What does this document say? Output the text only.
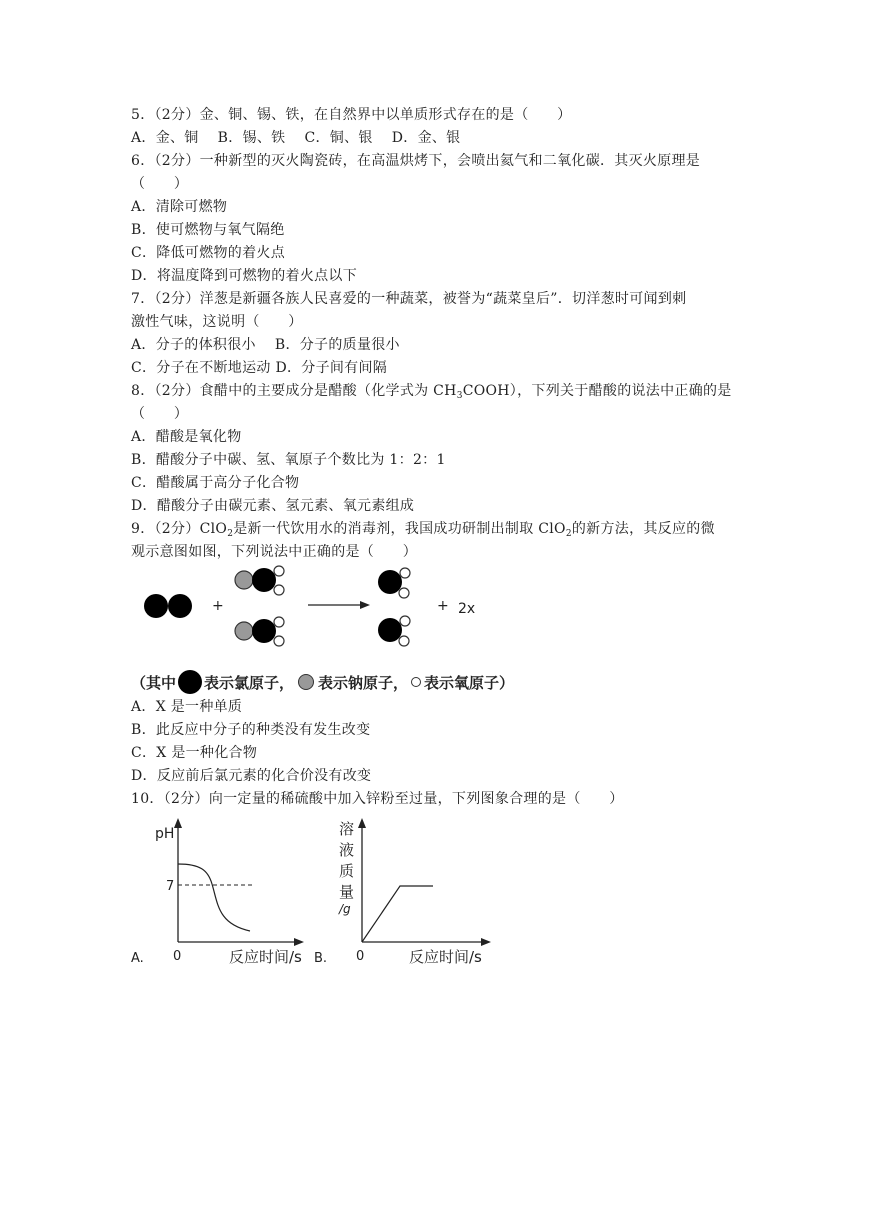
5．（2分）金、铜、锡、铁，在自然界中以单质形式存在的是（　　）
A．金、铜　 B．锡、铁　 C．铜、银　 D．金、银
6．（2分）一种新型的灭火陶瓷砖，在高温烘烤下，会喷出氦气和二氧化碳．其灭火原理是
（　　）
A．清除可燃物
B．使可燃物与氧气隔绝
C．降低可燃物的着火点
D．将温度降到可燃物的着火点以下
7．（2分）洋葱是新疆各族人民喜爱的一种蔬菜，被誉为“蔬菜皇后”．切洋葱时可闻到刺
激性气味，这说明（　　）
A．分子的体积很小　 B．分子的质量很小
C．分子在不断地运动 D．分子间有间隔
8．（2分）食醋中的主要成分是醋酸（化学式为 $CH_3COOH$），下列关于醋酸的说法中正确的是
（　　）
A．醋酸是氧化物
B．醋酸分子中碳、氢、氧原子个数比为 1：2：1
C．醋酸属于高分子化合物
D．醋酸分子由碳元素、氢元素、氧元素组成
9．（2分）ClO$_2$是新一代饮用水的消毒剂，我国成功研制出制取 ClO$_2$的新方法，其反应的微
观示意图如图，下列说法中正确的是（　　）
+	+ 2x
（其中 表示氯原子， 表示钠原子， 表示氧原子）
A．X 是一种单质
B．此反应中分子的种类没有发生改变
C．X 是一种化合物
D．反应前后氯元素的化合价没有改变
10．（2分）向一定量的稀硫酸中加入锌粉至过量，下列图象合理的是（　　）
A.
pH
7
0	反应时间/s B.
溶
液
质
量
/g
0	反应时间/s
